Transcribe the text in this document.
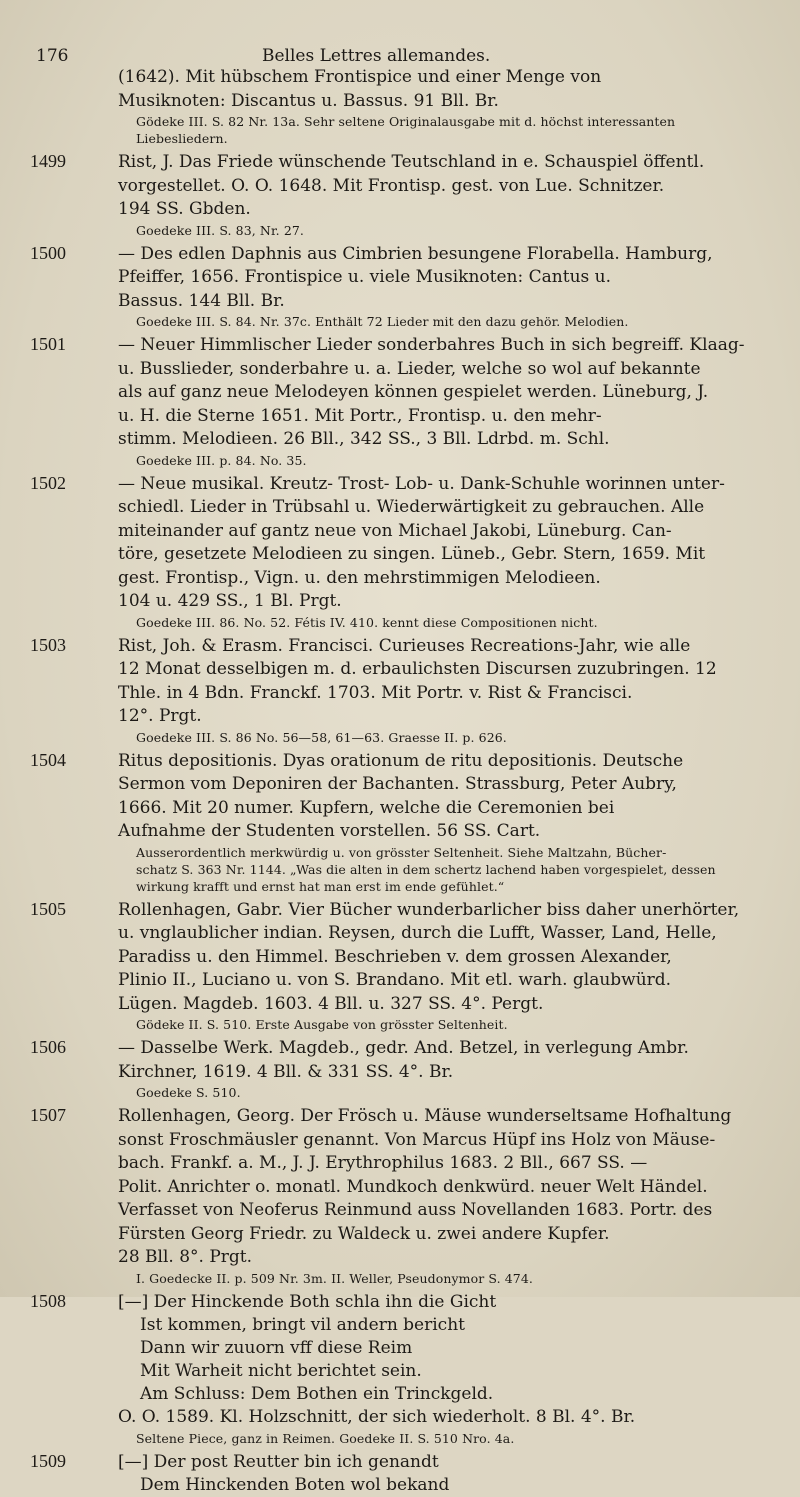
176	Belles Lettres allemandes.
(1642). Mit hübschem Frontispice und einer Menge von
Musiknoten: Discantus u. Bassus. 91 Bll. Br.
Gödeke III. S. 82 Nr. 13a. Sehr seltene Originalausgabe mit d. höchst interessanten
Liebesliedern.
1499	Rist, J. Das Friede wünschende Teutschland in e. Schauspiel öffentl.
vorgestellet. O. O. 1648. Mit Frontisp. gest. von Lue. Schnitzer.
194 SS. Gbden.
Goedeke III. S. 83, Nr. 27.
1500	— Des edlen Daphnis aus Cimbrien besungene Florabella. Hamburg,
Pfeiffer, 1656. Frontispice u. viele Musiknoten: Cantus u.
Bassus. 144 Bll. Br.
Goedeke III. S. 84. Nr. 37c. Enthält 72 Lieder mit den dazu gehör. Melodien.
1501	— Neuer Himmlischer Lieder sonderbahres Buch in sich begreiff. Klaag-
u. Busslieder, sonderbahre u. a. Lieder, welche so wol auf bekannte
als auf ganz neue Melodeyen können gespielet werden. Lüneburg, J.
u. H. die Sterne 1651. Mit Portr., Frontisp. u. den mehr-
stimm. Melodieen. 26 Bll., 342 SS., 3 Bll. Ldrbd. m. Schl.
Goedeke III. p. 84. No. 35.
1502	— Neue musikal. Kreutz- Trost- Lob- u. Dank-Schuhle worinnen unter-
schiedl. Lieder in Trübsahl u. Wiederwärtigkeit zu gebrauchen. Alle
miteinander auf gantz neue von Michael Jakobi, Lüneburg. Can-
töre, gesetzete Melodieen zu singen. Lüneb., Gebr. Stern, 1659. Mit
gest. Frontisp., Vign. u. den mehrstimmigen Melodieen.
104 u. 429 SS., 1 Bl. Prgt.
Goedeke III. 86. No. 52. Fétis IV. 410. kennt diese Compositionen nicht.
1503	Rist, Joh. & Erasm. Francisci. Curieuses Recreations-Jahr, wie alle
12 Monat desselbigen m. d. erbaulichsten Discursen zuzubringen. 12
Thle. in 4 Bdn. Franckf. 1703. Mit Portr. v. Rist & Francisci.
12°. Prgt.
Goedeke III. S. 86 No. 56—58, 61—63. Graesse II. p. 626.
1504	Ritus depositionis. Dyas orationum de ritu depositionis. Deutsche
Sermon vom Deponiren der Bachanten. Strassburg, Peter Aubry,
1666. Mit 20 numer. Kupfern, welche die Ceremonien bei
Aufnahme der Studenten vorstellen. 56 SS. Cart.
Ausserordentlich merkwürdig u. von grösster Seltenheit. Siehe Maltzahn, Bücher-
schatz S. 363 Nr. 1144. „Was die alten in dem schertz lachend haben vorgespielet, dessen
wirkung krafft und ernst hat man erst im ende gefühlet.“
1505	Rollenhagen, Gabr. Vier Bücher wunderbarlicher biss daher unerhörter,
u. vnglaublicher indian. Reysen, durch die Lufft, Wasser, Land, Helle,
Paradiss u. den Himmel. Beschrieben v. dem grossen Alexander,
Plinio II., Luciano u. von S. Brandano. Mit etl. warh. glaubwürd.
Lügen. Magdeb. 1603. 4 Bll. u. 327 SS. 4°. Pergt.
Gödeke II. S. 510. Erste Ausgabe von grösster Seltenheit.
1506	— Dasselbe Werk. Magdeb., gedr. And. Betzel, in verlegung Ambr.
Kirchner, 1619. 4 Bll. & 331 SS. 4°. Br.
Goedeke S. 510.
1507	Rollenhagen, Georg. Der Frösch u. Mäuse wunderseltsame Hofhaltung
sonst Froschmäusler genannt. Von Marcus Hüpf ins Holz von Mäuse-
bach. Frankf. a. M., J. J. Erythrophilus 1683. 2 Bll., 667 SS. —
Polit. Anrichter o. monatl. Mundkoch denkwürd. neuer Welt Händel.
Verfasset von Neoferus Reinmund auss Novellanden 1683. Portr. des
Fürsten Georg Friedr. zu Waldeck u. zwei andere Kupfer.
28 Bll. 8°. Prgt.
I. Goedecke II. p. 509 Nr. 3m. II. Weller, Pseudonymor S. 474.
1508	[—] Der Hinckende Both schla ihn die Gicht
Ist kommen, bringt vil andern bericht
Dann wir zuuorn vff diese Reim
Mit Warheit nicht berichtet sein.
Am Schluss: Dem Bothen ein Trinckgeld.
O. O. 1589. Kl. Holzschnitt, der sich wiederholt. 8 Bl. 4°. Br.
Seltene Piece, ganz in Reimen. Goedeke II. S. 510 Nro. 4a.
1509	[—] Der post Reutter bin ich genandt
Dem Hinckenden Boten wol bekand
